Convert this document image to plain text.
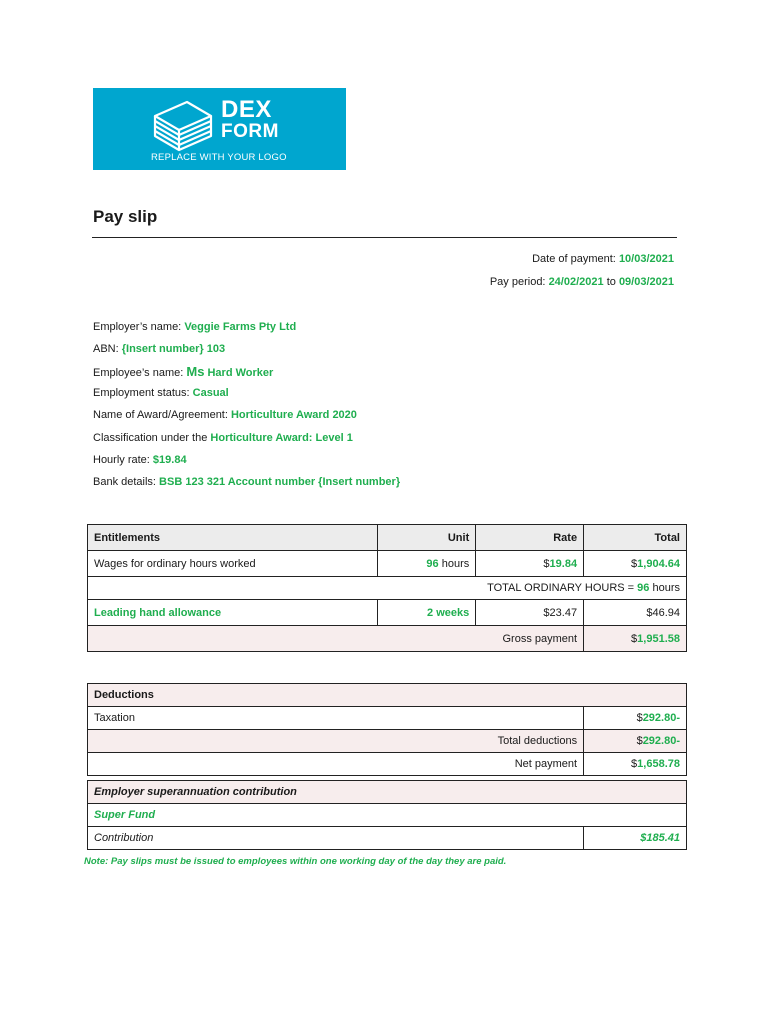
DEX
FORM
REPLACE WITH YOUR LOGO
Pay slip
Date of payment: 10/03/2021
Pay period: 24/02/2021 to 09/03/2021
Employer’s name: Veggie Farms Pty Ltd
ABN: {Insert number} 103
Employee’s name: Ms Hard Worker
Employment status: Casual
Name of Award/Agreement: Horticulture Award 2020
Classification under the Horticulture Award: Level 1
Hourly rate: $19.84
Bank details: BSB 123 321 Account number {Insert number}
Entitlements	Unit	Rate	Total
Wages for ordinary hours worked	96 hours	$19.84	$1,904.64
TOTAL ORDINARY HOURS = 96 hours			
Leading hand allowance	2 weeks	$23.47	$46.94
Gross payment			$1,951.58
Deductions	
Taxation	$292.80-
Total deductions	$292.80-
Net payment	$1,658.78
Employer superannuation contribution
Super Fund
Contribution	$185.41
Note: Pay slips must be issued to employees within one working day of the day they are paid.
